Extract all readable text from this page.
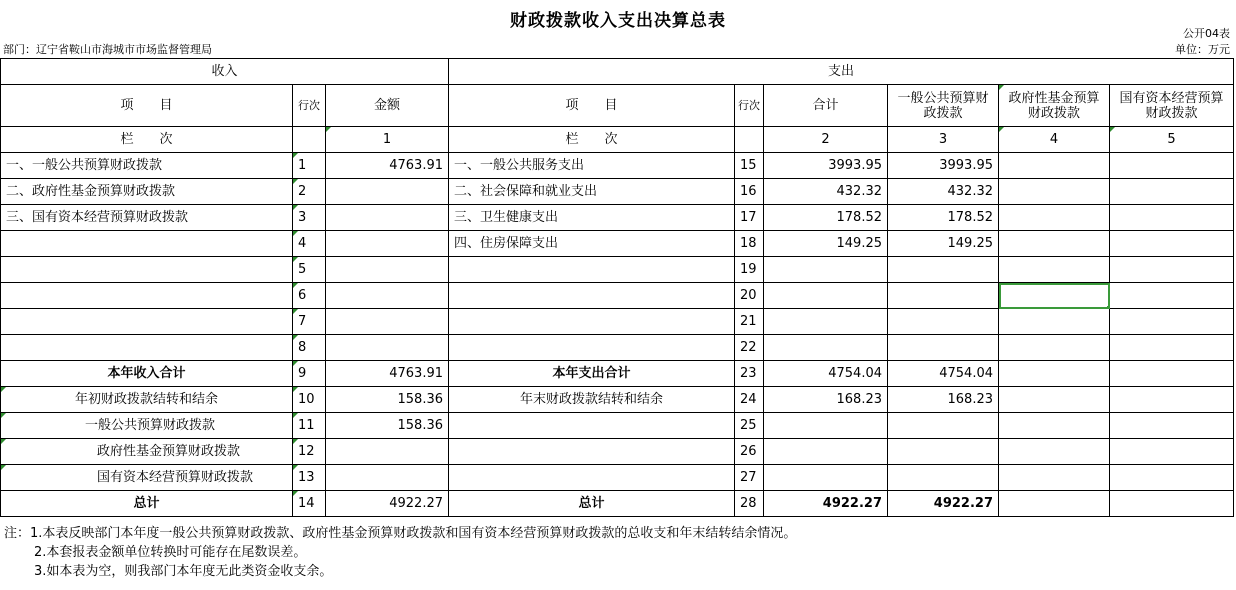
财政拨款收入支出决算总表
公开04表
部门：辽宁省鞍山市海城市市场监督管理局	单位：万元
收入			支出					
项　　目	行次	金额	项　　目	行次	合计	一般公共预算财政拨款	政府性基金预算财政拨款	国有资本经营预算财政拨款
栏　　次		1	栏　　次		2	3	4	5
一、一般公共预算财政拨款	1	4763.91	一、一般公共服务支出	15	3993.95	3993.95		
二、政府性基金预算财政拨款	2		二、社会保障和就业支出	16	432.32	432.32		
三、国有资本经营预算财政拨款	3		三、卫生健康支出	17	178.52	178.52		
	4		四、住房保障支出	18	149.25	149.25		
	5			19				
	6			20				
	7			21				
	8			22				
本年收入合计	9	4763.91	本年支出合计	23	4754.04	4754.04		
年初财政拨款结转和结余	10	158.36	年末财政拨款结转和结余	24	168.23	168.23		
一般公共预算财政拨款	11	158.36		25				
政府性基金预算财政拨款	12			26				
国有资本经营预算财政拨款	13			27				
总计	14	4922.27	总计	28	4922.27	4922.27		
注：1.本表反映部门本年度一般公共预算财政拨款、政府性基金预算财政拨款和国有资本经营预算财政拨款的总收支和年末结转结余情况。
2.本套报表金额单位转换时可能存在尾数误差。
3.如本表为空，则我部门本年度无此类资金收支余。
